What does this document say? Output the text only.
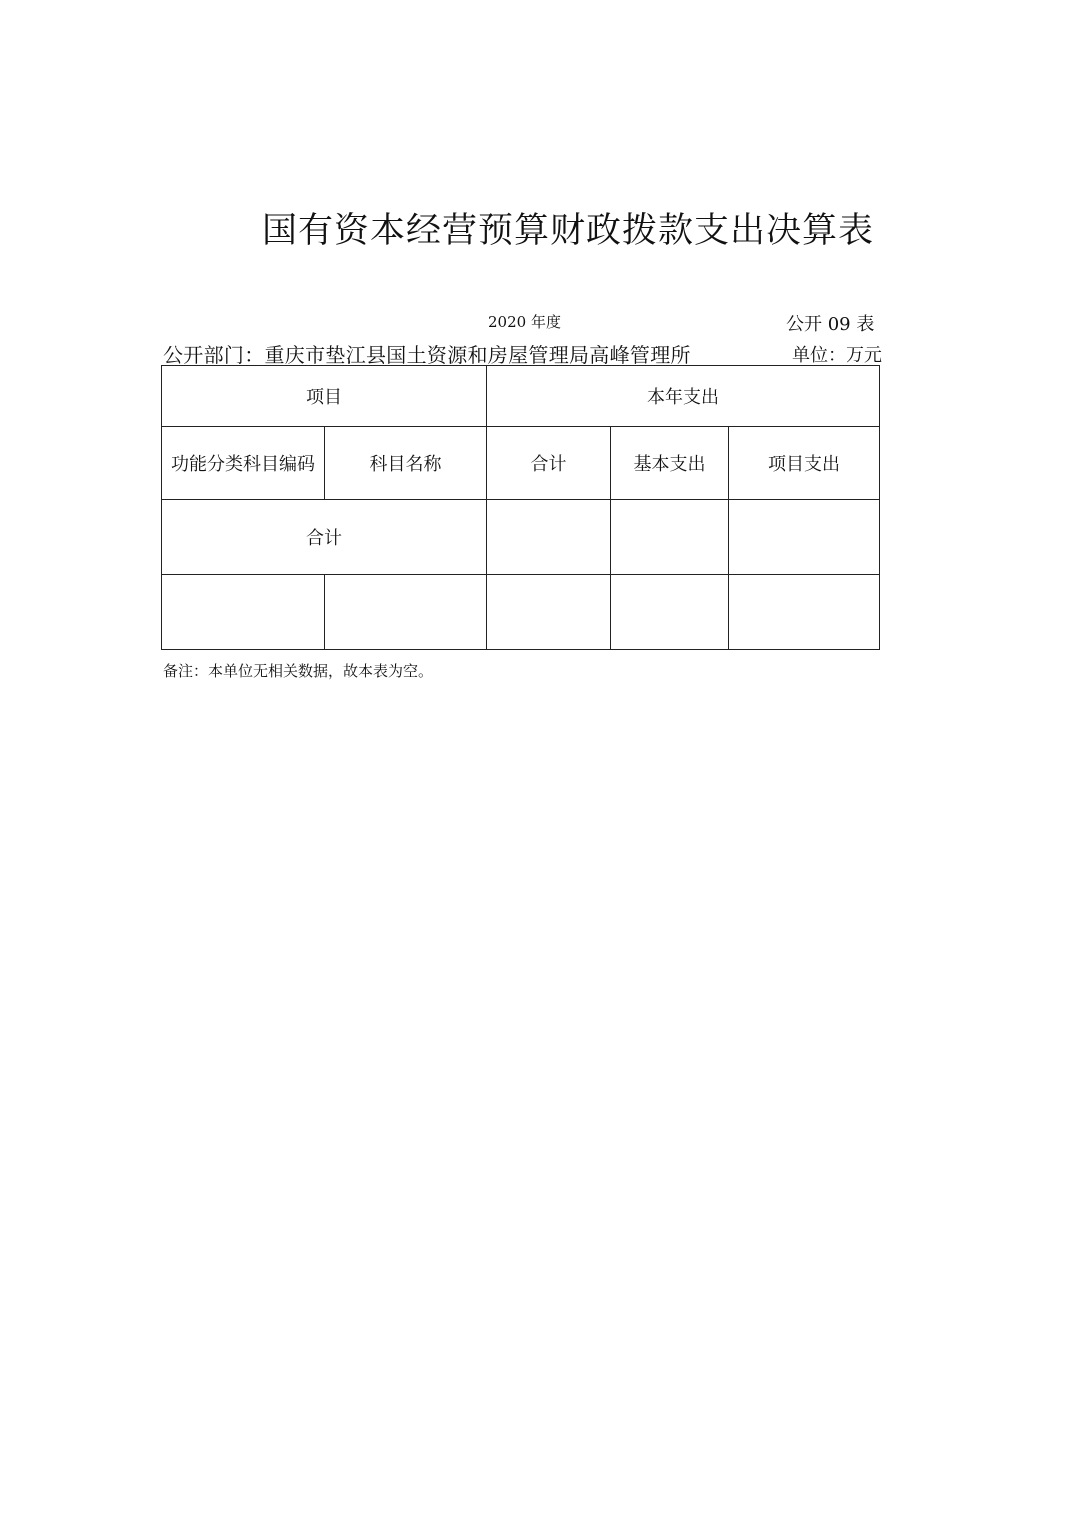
国有资本经营预算财政拨款支出决算表
2020 年度	公开 09 表
公开部门：重庆市垫江县国土资源和房屋管理局高峰管理所	单位：万元
项目		本年支出		
功能分类科目编码	科目名称	合计	基本支出	项目支出
合计				

备注：本单位无相关数据，故本表为空。
